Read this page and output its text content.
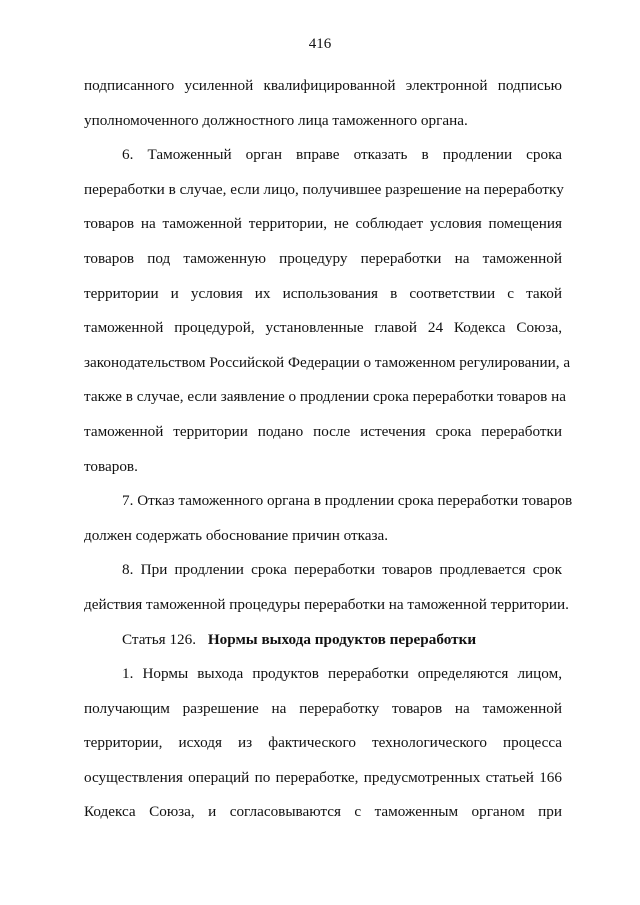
416
подписанного усиленной квалифицированной электронной подписью
уполномоченного должностного лица таможенного органа.
6. Таможенный орган вправе отказать в продлении срока
переработки в случае, если лицо, получившее разрешение на переработку
товаров на таможенной территории, не соблюдает условия помещения
товаров под таможенную процедуру переработки на таможенной
территории и условия их использования в соответствии с такой
таможенной процедурой, установленные главой 24 Кодекса Союза,
законодательством Российской Федерации о таможенном регулировании, а
также в случае, если заявление о продлении срока переработки товаров на
таможенной территории подано после истечения срока переработки
товаров.
7. Отказ таможенного органа в продлении срока переработки товаров
должен содержать обоснование причин отказа.
8. При продлении срока переработки товаров продлевается срок
действия таможенной процедуры переработки на таможенной территории.
Статья 126. Нормы выхода продуктов переработки
1. Нормы выхода продуктов переработки определяются лицом,
получающим разрешение на переработку товаров на таможенной
территории, исходя из фактического технологического процесса
осуществления операций по переработке, предусмотренных статьей 166
Кодекса Союза, и согласовываются с таможенным органом при
